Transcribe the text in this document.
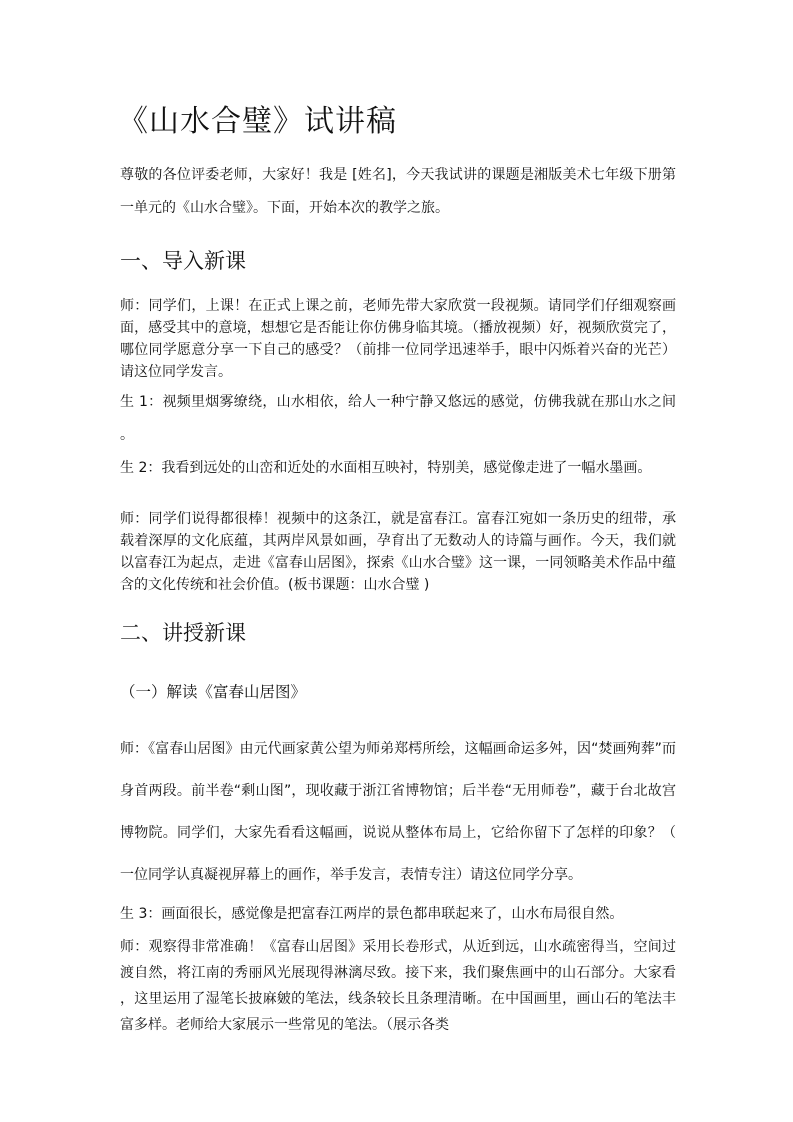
《山水合璧》试讲稿
尊敬的各位评委老师，大家好！我是 [姓名]，今天我试讲的课题是湘版美术七年级下册第一单元的《山水合璧》。下面，开始本次的教学之旅。
一、导入新课
师：同学们，上课！在正式上课之前，老师先带大家欣赏一段视频。请同学们仔细观察画面，感受其中的意境，想想它是否能让你仿佛身临其境。（播放视频）好，视频欣赏完了，哪位同学愿意分享一下自己的感受？（前排一位同学迅速举手，眼中闪烁着兴奋的光芒）请这位同学发言。
生 1：视频里烟雾缭绕，山水相依，给人一种宁静又悠远的感觉，仿佛我就在那山水之间。
生 2：我看到远处的山峦和近处的水面相互映衬，特别美，感觉像走进了一幅水墨画。
师：同学们说得都很棒！视频中的这条江，就是富春江。富春江宛如一条历史的纽带，承载着深厚的文化底蕴，其两岸风景如画，孕育出了无数动人的诗篇与画作。今天，我们就以富春江为起点，走进《富春山居图》，探索《山水合璧》这一课，一同领略美术作品中蕴含的文化传统和社会价值。(板书课题：山水合璧 )
二、讲授新课
（一）解读《富春山居图》
师：《富春山居图》由元代画家黄公望为师弟郑樗所绘，这幅画命运多舛，因“焚画殉葬”而身首两段。前半卷“剩山图”，现收藏于浙江省博物馆；后半卷“无用师卷”，藏于台北故宫博物院。同学们，大家先看看这幅画，说说从整体布局上，它给你留下了怎样的印象？（一位同学认真凝视屏幕上的画作，举手发言，表情专注）请这位同学分享。
生 3：画面很长，感觉像是把富春江两岸的景色都串联起来了，山水布局很自然。
师：观察得非常准确！《富春山居图》采用长卷形式，从近到远，山水疏密得当，空间过渡自然，将江南的秀丽风光展现得淋漓尽致。接下来，我们聚焦画中的山石部分。大家看，这里运用了湿笔长披麻皴的笔法，线条较长且条理清晰。在中国画里，画山石的笔法丰富多样。老师给大家展示一些常见的笔法。（展示各类
